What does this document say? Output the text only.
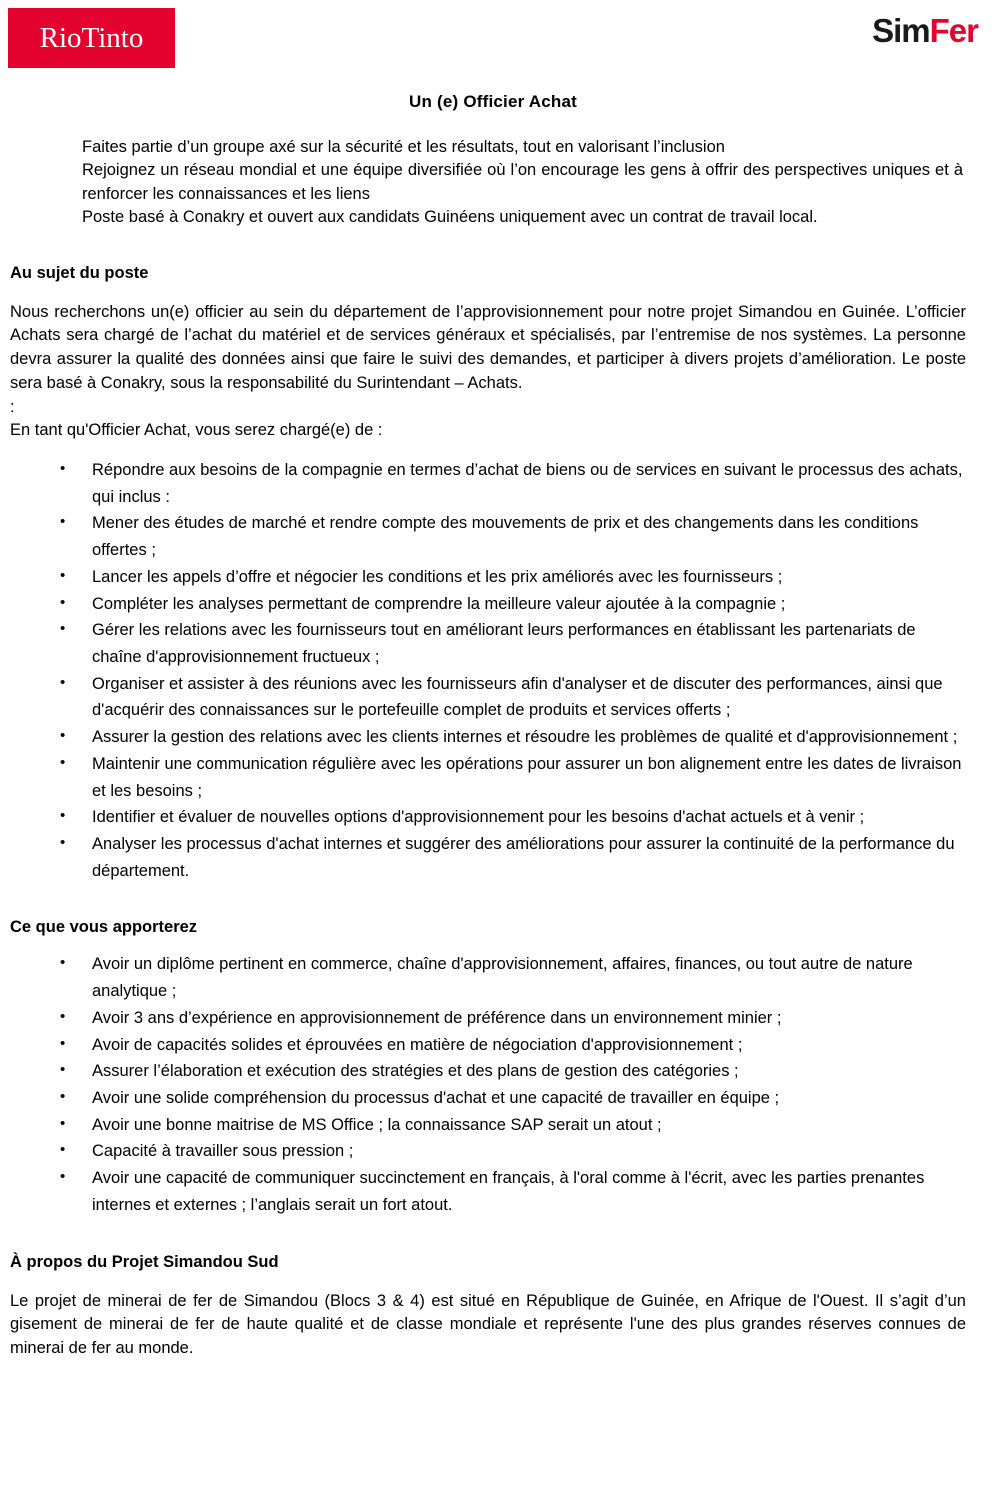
RioTinto	SimFer
Un (e) Officier Achat
Faites partie d’un groupe axé sur la sécurité et les résultats, tout en valorisant l’inclusion
Rejoignez un réseau mondial et une équipe diversifiée où l’on encourage les gens à offrir des perspectives uniques et à renforcer les connaissances et les liens
Poste basé à Conakry et ouvert aux candidats Guinéens uniquement avec un contrat de travail local.
Au sujet du poste

Nous recherchons un(e) officier au sein du département de l’approvisionnement pour notre projet Simandou en Guinée. L’officier Achats sera chargé de l’achat du matériel et de services généraux et spécialisés, par l’entremise de nos systèmes. La personne devra assurer la qualité des données ainsi que faire le suivi des demandes, et participer à divers projets d’amélioration. Le poste sera basé à Conakry, sous la responsabilité du Surintendant – Achats.

:

En tant qu'Officier Achat, vous serez chargé(e) de :

• Répondre aux besoins de la compagnie en termes d’achat de biens ou de services en suivant le processus des achats, qui inclus :
• Mener des études de marché et rendre compte des mouvements de prix et des changements dans les conditions offertes ;
• Lancer les appels d’offre et négocier les conditions et les prix améliorés avec les fournisseurs ;
• Compléter les analyses permettant de comprendre la meilleure valeur ajoutée à la compagnie ;
• Gérer les relations avec les fournisseurs tout en améliorant leurs performances en établissant les partenariats de chaîne d'approvisionnement fructueux ;
• Organiser et assister à des réunions avec les fournisseurs afin d'analyser et de discuter des performances, ainsi que d'acquérir des connaissances sur le portefeuille complet de produits et services offerts ;
• Assurer la gestion des relations avec les clients internes et résoudre les problèmes de qualité et d'approvisionnement ;
• Maintenir une communication régulière avec les opérations pour assurer un bon alignement entre les dates de livraison et les besoins ;
• Identifier et évaluer de nouvelles options d'approvisionnement pour les besoins d'achat actuels et à venir ;
• Analyser les processus d'achat internes et suggérer des améliorations pour assurer la continuité de la performance du département.
Ce que vous apporterez
• Avoir un diplôme pertinent en commerce, chaîne d'approvisionnement, affaires, finances, ou tout autre de nature analytique ;
• Avoir 3 ans d’expérience en approvisionnement de préférence dans un environnement minier ;
• Avoir de capacités solides et éprouvées en matière de négociation d'approvisionnement ;
• Assurer l’élaboration et exécution des stratégies et des plans de gestion des catégories ;
• Avoir une solide compréhension du processus d'achat et une capacité de travailler en équipe ;
• Avoir une bonne maitrise de MS Office ; la connaissance SAP serait un atout ;
• Capacité à travailler sous pression ;
• Avoir une capacité de communiquer succinctement en français, à l'oral comme à l'écrit, avec les parties prenantes internes et externes ; l’anglais serait un fort atout.
À propos du Projet Simandou Sud

Le projet de minerai de fer de Simandou (Blocs 3 & 4) est situé en République de Guinée, en Afrique de l'Ouest. Il s’agit d’un gisement de minerai de fer de haute qualité et de classe mondiale et représente l'une des plus grandes réserves connues de minerai de fer au monde.
